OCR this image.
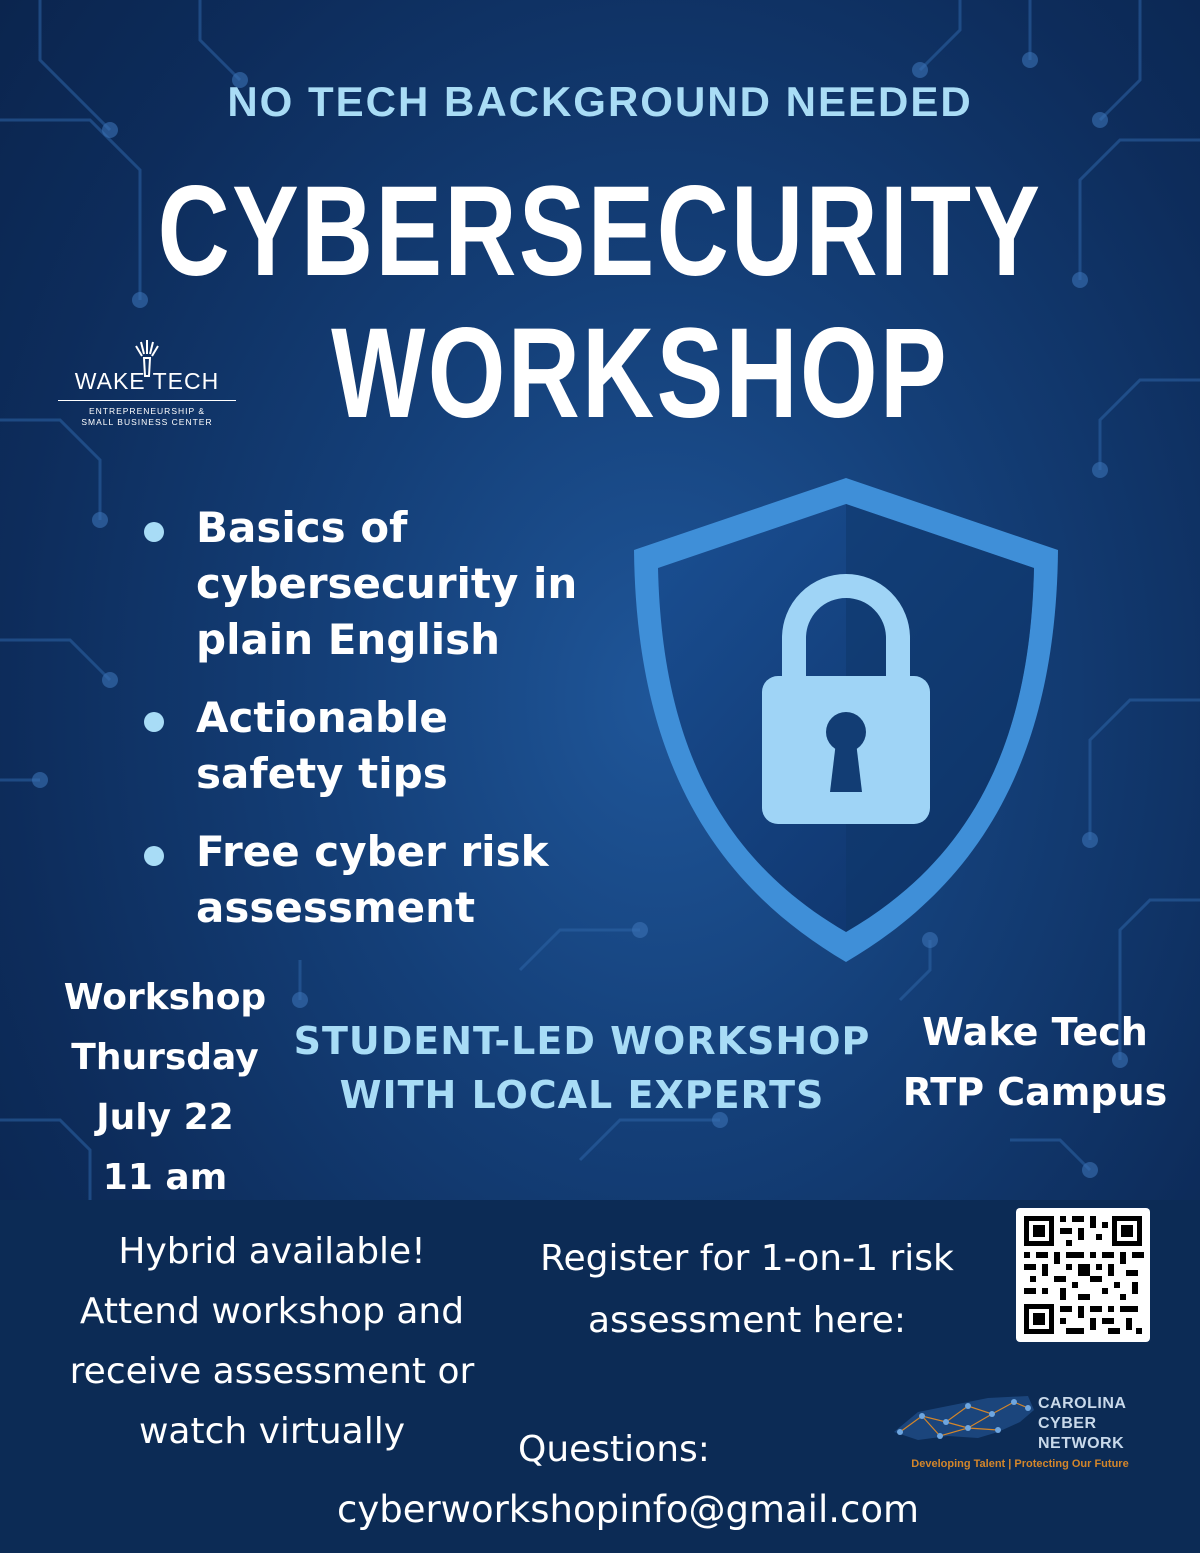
NO TECH BACKGROUND NEEDED
CYBERSECURITY
WORKSHOP
WAKE TECH
ENTREPRENEURSHIP &
SMALL BUSINESS CENTER
Basics of cybersecurity in plain English
Actionable safety tips
Free cyber risk assessment
Workshop
Thursday
July 22
11 am
STUDENT-LED WORKSHOP
WITH LOCAL EXPERTS
Wake Tech
RTP Campus
Hybrid available!
Attend workshop and
receive assessment or
watch virtually
Register for 1-on-1 risk
assessment here:
Questions:
CAROLINA
CYBER
NETWORK
Developing Talent | Protecting Our Future
cyberworkshopinfo@gmail.com
